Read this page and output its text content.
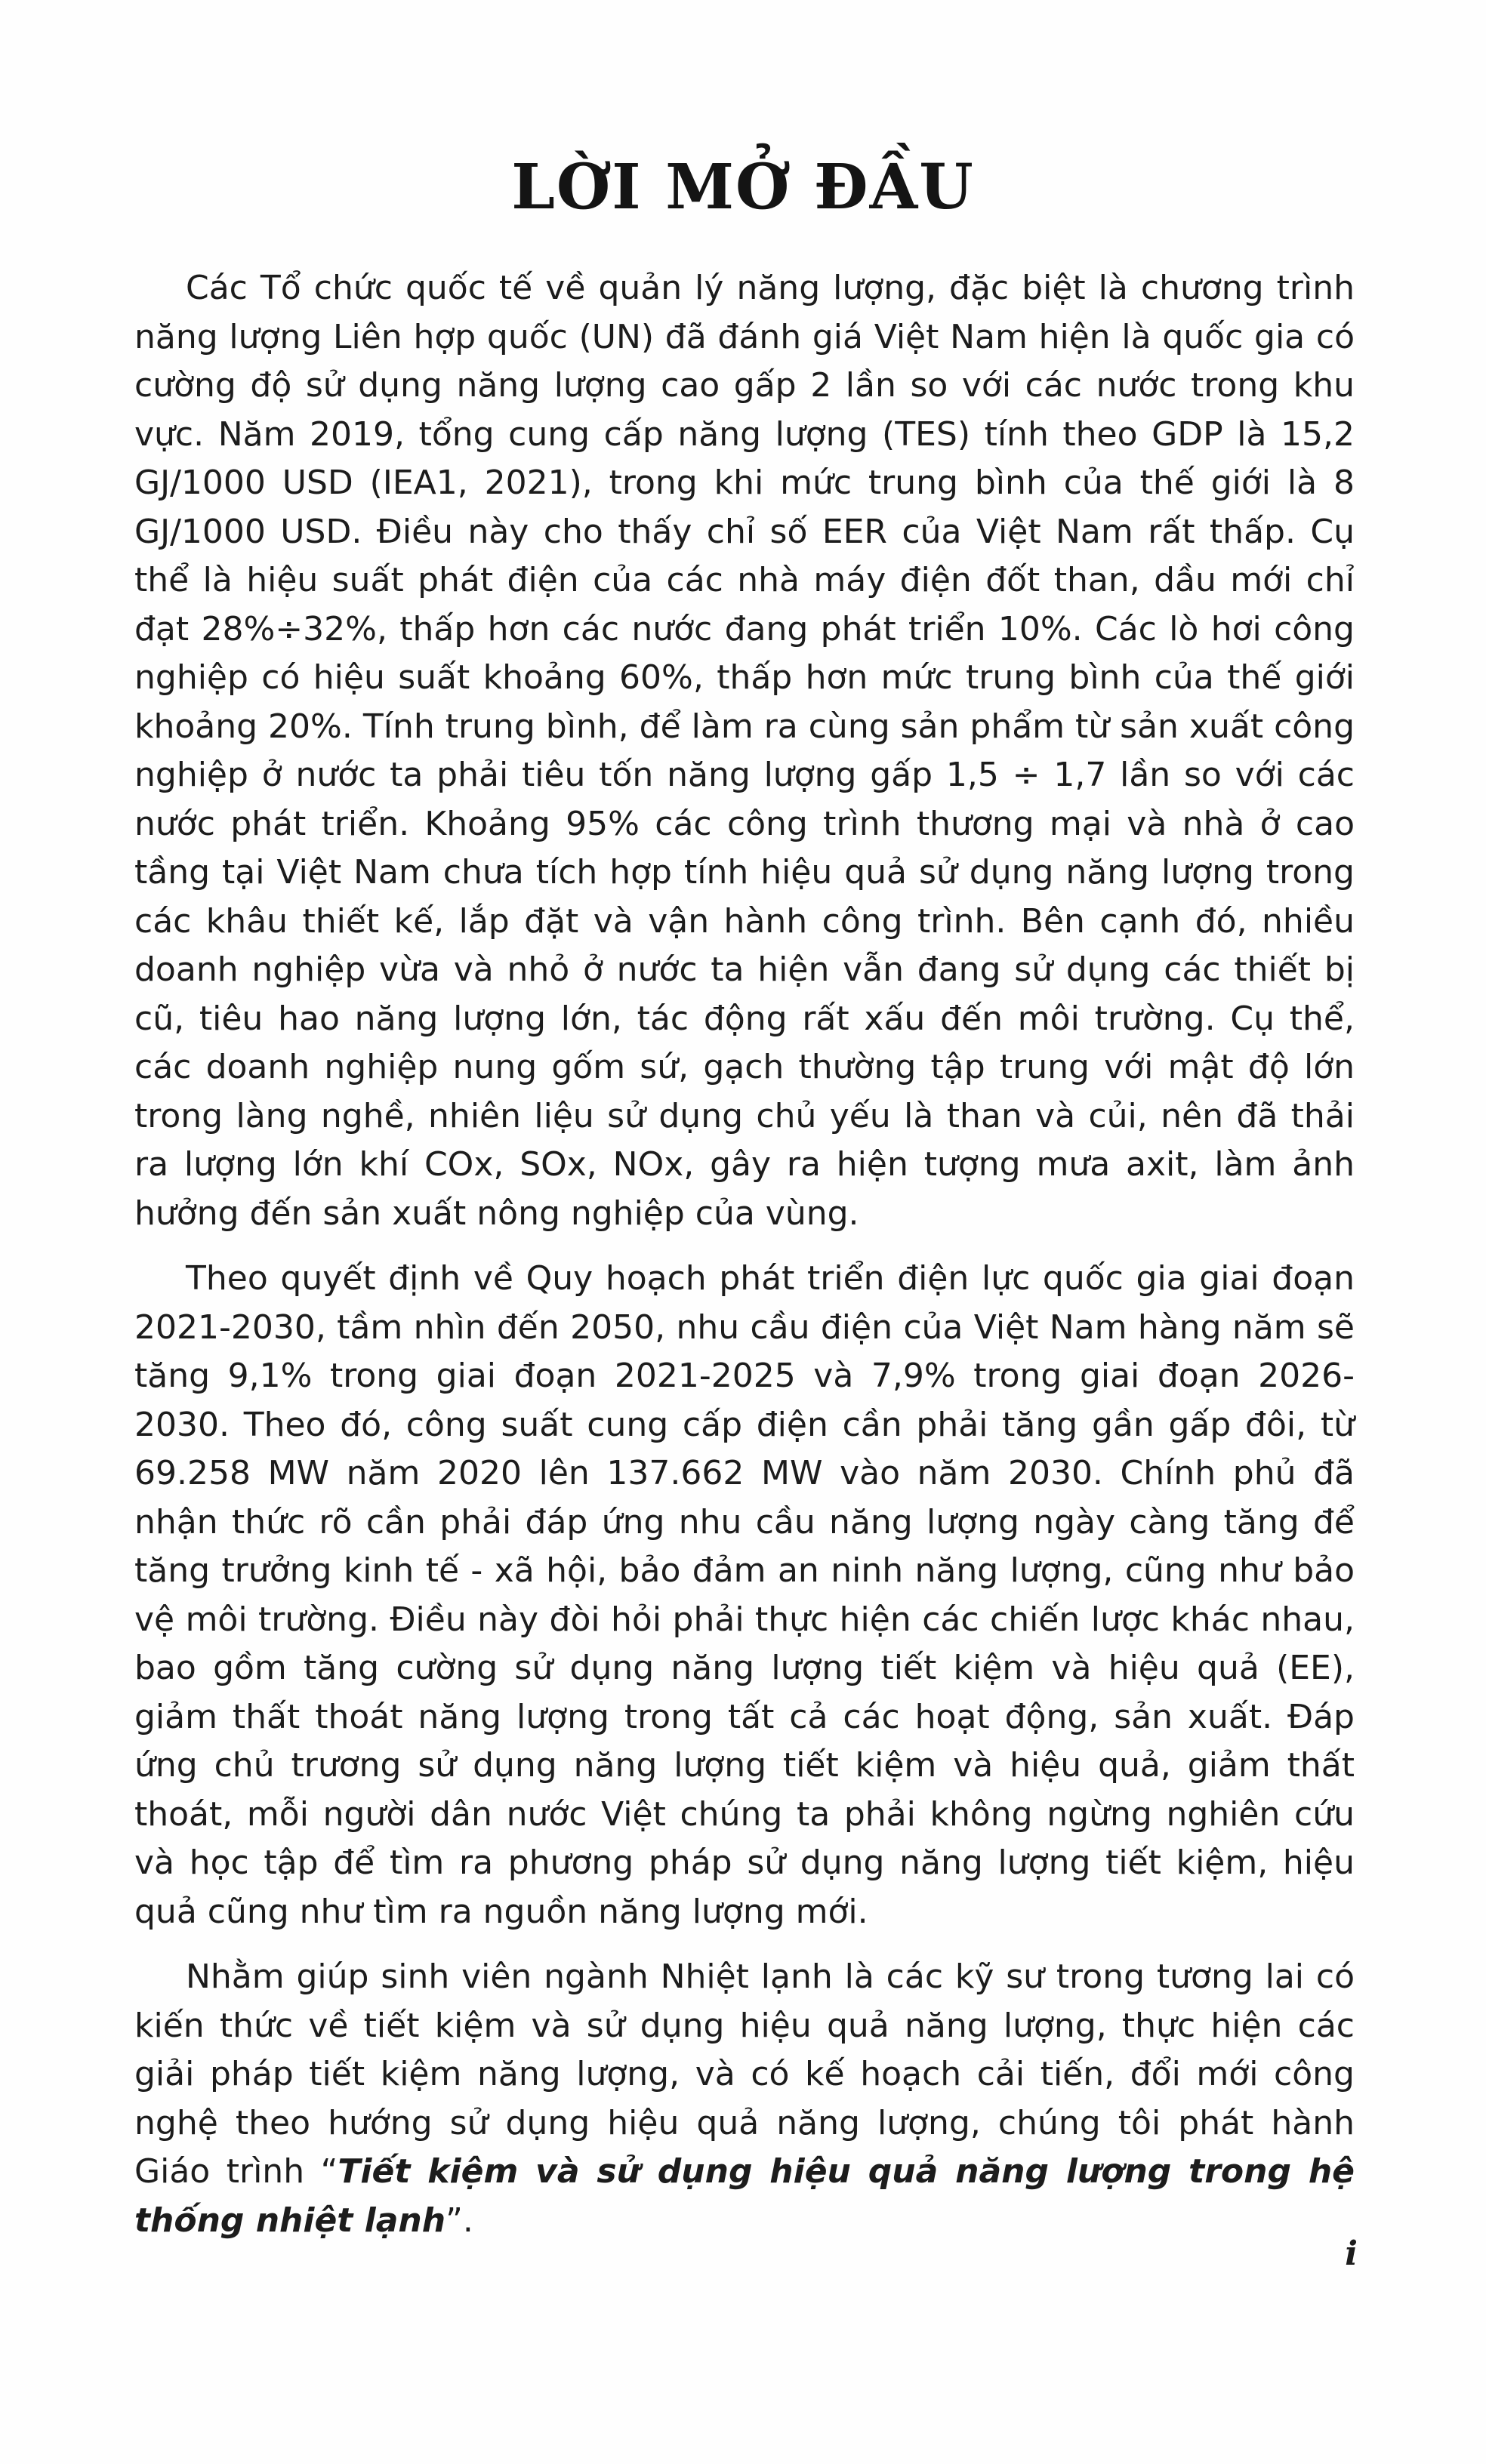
LỜI MỞ ĐẦU

Các Tổ chức quốc tế về quản lý năng lượng, đặc biệt là chương trình năng lượng Liên hợp quốc (UN) đã đánh giá Việt Nam hiện là quốc gia có cường độ sử dụng năng lượng cao gấp 2 lần so với các nước trong khu vực. Năm 2019, tổng cung cấp năng lượng (TES) tính theo GDP là 15,2 GJ/1000 USD (IEA1, 2021), trong khi mức trung bình của thế giới là 8 GJ/1000 USD. Điều này cho thấy chỉ số EER của Việt Nam rất thấp. Cụ thể là hiệu suất phát điện của các nhà máy điện đốt than, dầu mới chỉ đạt 28%÷32%, thấp hơn các nước đang phát triển 10%. Các lò hơi công nghiệp có hiệu suất khoảng 60%, thấp hơn mức trung bình của thế giới khoảng 20%. Tính trung bình, để làm ra cùng sản phẩm từ sản xuất công nghiệp ở nước ta phải tiêu tốn năng lượng gấp 1,5 ÷ 1,7 lần so với các nước phát triển. Khoảng 95% các công trình thương mại và nhà ở cao tầng tại Việt Nam chưa tích hợp tính hiệu quả sử dụng năng lượng trong các khâu thiết kế, lắp đặt và vận hành công trình. Bên cạnh đó, nhiều doanh nghiệp vừa và nhỏ ở nước ta hiện vẫn đang sử dụng các thiết bị cũ, tiêu hao năng lượng lớn, tác động rất xấu đến môi trường. Cụ thể, các doanh nghiệp nung gốm sứ, gạch thường tập trung với mật độ lớn trong làng nghề, nhiên liệu sử dụng chủ yếu là than và củi, nên đã thải ra lượng lớn khí COx, SOx, NOx, gây ra hiện tượng mưa axit, làm ảnh hưởng đến sản xuất nông nghiệp của vùng.

Theo quyết định về Quy hoạch phát triển điện lực quốc gia giai đoạn 2021-2030, tầm nhìn đến 2050, nhu cầu điện của Việt Nam hàng năm sẽ tăng 9,1% trong giai đoạn 2021-2025 và 7,9% trong giai đoạn 2026-2030. Theo đó, công suất cung cấp điện cần phải tăng gần gấp đôi, từ 69.258 MW năm 2020 lên 137.662 MW vào năm 2030. Chính phủ đã nhận thức rõ cần phải đáp ứng nhu cầu năng lượng ngày càng tăng để tăng trưởng kinh tế - xã hội, bảo đảm an ninh năng lượng, cũng như bảo vệ môi trường. Điều này đòi hỏi phải thực hiện các chiến lược khác nhau, bao gồm tăng cường sử dụng năng lượng tiết kiệm và hiệu quả (EE), giảm thất thoát năng lượng trong tất cả các hoạt động, sản xuất. Đáp ứng chủ trương sử dụng năng lượng tiết kiệm và hiệu quả, giảm thất thoát, mỗi người dân nước Việt chúng ta phải không ngừng nghiên cứu và học tập để tìm ra phương pháp sử dụng năng lượng tiết kiệm, hiệu quả cũng như tìm ra nguồn năng lượng mới.

Nhằm giúp sinh viên ngành Nhiệt lạnh là các kỹ sư trong tương lai có kiến thức về tiết kiệm và sử dụng hiệu quả năng lượng, thực hiện các giải pháp tiết kiệm năng lượng, và có kế hoạch cải tiến, đổi mới công nghệ theo hướng sử dụng hiệu quả năng lượng, chúng tôi phát hành Giáo trình “Tiết kiệm và sử dụng hiệu quả năng lượng trong hệ thống nhiệt lạnh”.

i
